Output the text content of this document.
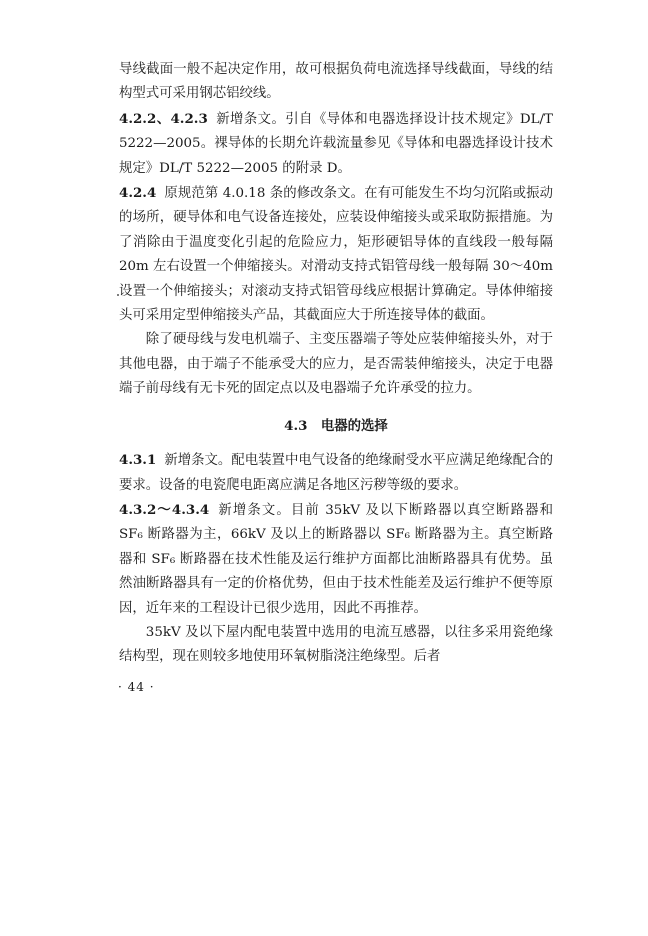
导线截面一般不起决定作用，故可根据负荷电流选择导线截面，导线的结构型式可采用钢芯铝绞线。

4.2.2、4.2.3 新增条文。引自《导体和电器选择设计技术规定》DL/T 5222—2005。裸导体的长期允许载流量参见《导体和电器选择设计技术规定》DL/T 5222—2005 的附录 D。

4.2.4 原规范第 4.0.18 条的修改条文。在有可能发生不均匀沉陷或振动的场所，硬导体和电气设备连接处，应装设伸缩接头或采取防振措施。为了消除由于温度变化引起的危险应力，矩形硬铝导体的直线段一般每隔 20m 左右设置一个伸缩接头。对滑动支持式铝管母线一般每隔 30～40m 设置一个伸缩接头；对滚动支持式铝管母线应根据计算确定。导体伸缩接头可采用定型伸缩接头产品，其截面应大于所连接导体的截面。

除了硬母线与发电机端子、主变压器端子等处应装伸缩接头外，对于其他电器，由于端子不能承受大的应力，是否需装伸缩接头，决定于电器端子前母线有无卡死的固定点以及电器端子允许承受的拉力。

4.3 电器的选择

4.3.1 新增条文。配电装置中电气设备的绝缘耐受水平应满足绝缘配合的要求。设备的电瓷爬电距离应满足各地区污秽等级的要求。

4.3.2～4.3.4 新增条文。目前 35kV 及以下断路器以真空断路器和 SF₆ 断路器为主，66kV 及以上的断路器以 SF₆ 断路器为主。真空断路器和 SF₆ 断路器在技术性能及运行维护方面都比油断路器具有优势。虽然油断路器具有一定的价格优势，但由于技术性能差及运行维护不便等原因，近年来的工程设计已很少选用，因此不再推荐。

35kV 及以下屋内配电装置中选用的电流互感器，以往多采用瓷绝缘结构型，现在则较多地使用环氧树脂浇注绝缘型。后者

· 44 ·
